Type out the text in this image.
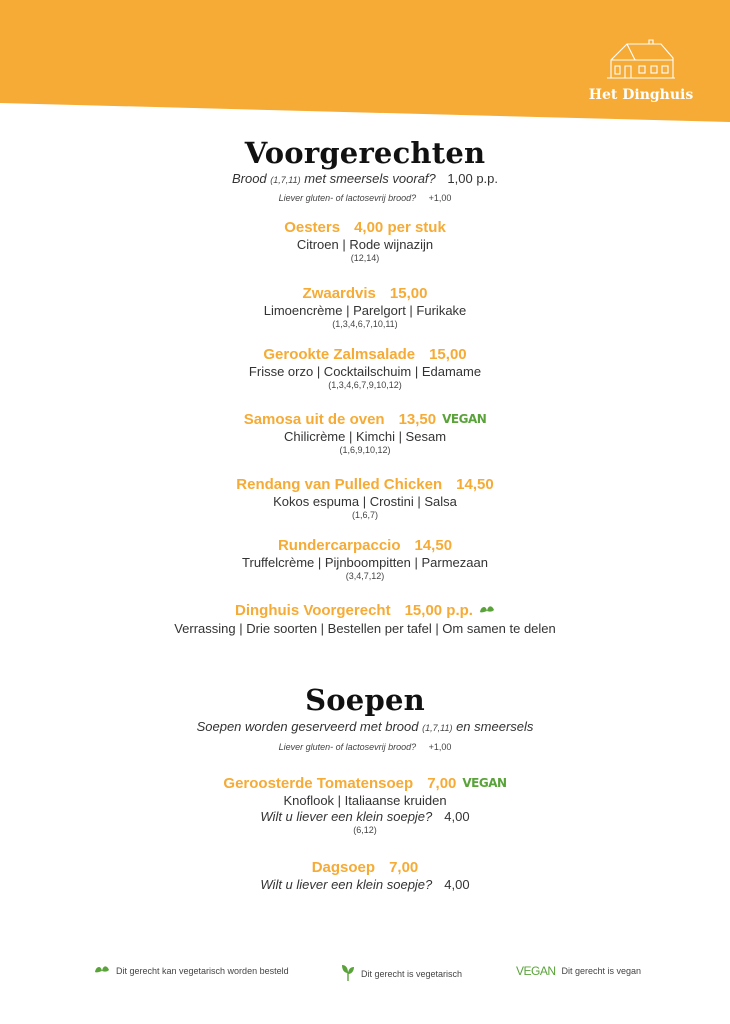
Het Dinghuis
Voorgerechten
Brood (1,7,11) met smeersels vooraf? 1,00 p.p.
Liever gluten- of lactosevrij brood? +1,00
Oesters 4,00 per stuk
Citroen | Rode wijnazijn
(12,14)
Zwaardvis 15,00
Limoencrème | Parelgort | Furikake
(1,3,4,6,7,10,11)
Gerookte Zalmsalade 15,00
Frisse orzo | Cocktailschuim | Edamame
(1,3,4,6,7,9,10,12)
Samosa uit de oven 13,50 VEGAN
Chilicrème | Kimchi | Sesam
(1,6,9,10,12)
Rendang van Pulled Chicken 14,50
Kokos espuma | Crostini | Salsa
(1,6,7)
Rundercarpaccio 14,50
Truffelcrème | Pijnboompitten | Parmezaan
(3,4,7,12)
Dinghuis Voorgerecht 15,00 p.p.
Verrassing | Drie soorten | Bestellen per tafel | Om samen te delen
Soepen
Soepen worden geserveerd met brood (1,7,11) en smeersels
Liever gluten- of lactosevrij brood? +1,00
Geroosterde Tomatensoep 7,00 VEGAN
Knoflook | Italiaanse kruiden
Wilt u liever een klein soepje? 4,00
(6,12)
Dagsoep 7,00
Wilt u liever een klein soepje? 4,00
Dit gerecht kan vegetarisch worden besteld	Dit gerecht is vegetarisch	VEGAN Dit gerecht is vegan
